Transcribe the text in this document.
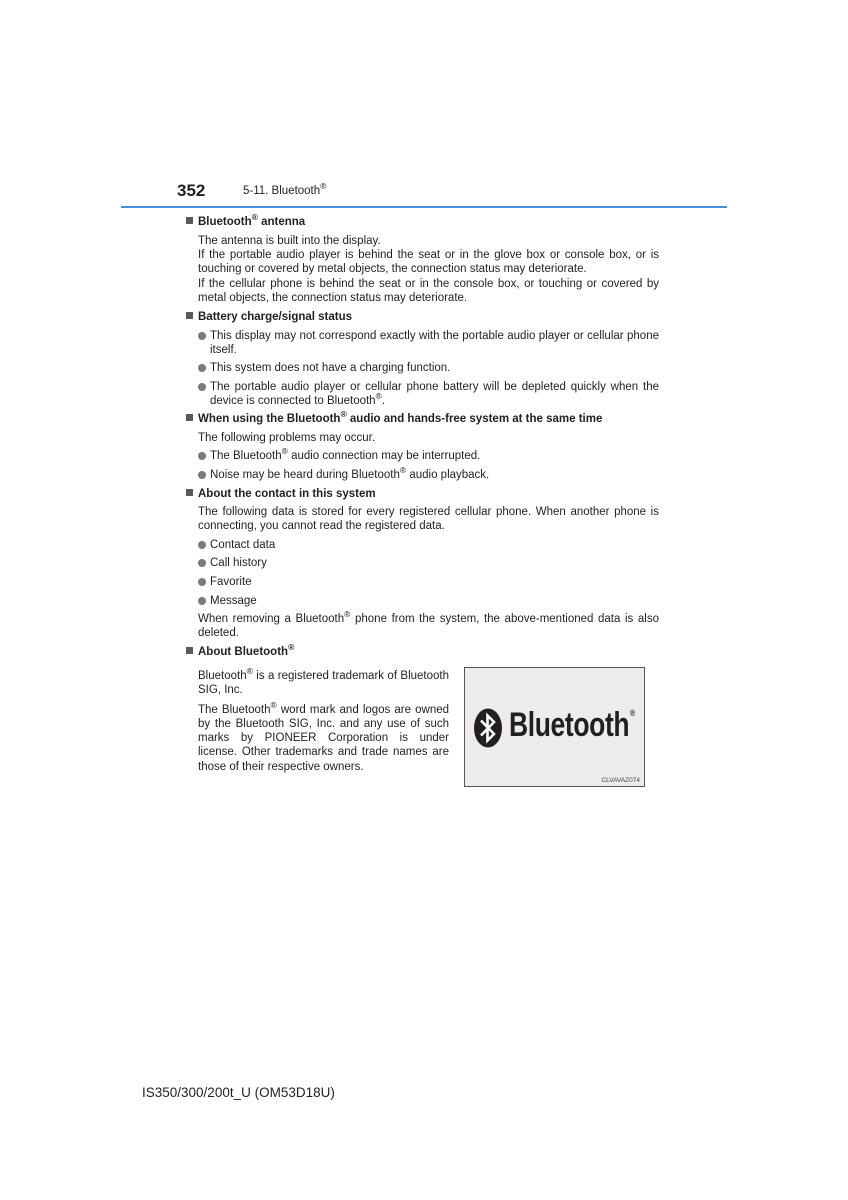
352	5-11. Bluetooth®
Bluetooth® antenna
The antenna is built into the display.
If the portable audio player is behind the seat or in the glove box or console box, or is touching or covered by metal objects, the connection status may deteriorate.
If the cellular phone is behind the seat or in the console box, or touching or covered by metal objects, the connection status may deteriorate.
Battery charge/signal status
This display may not correspond exactly with the portable audio player or cellular phone itself.
This system does not have a charging function.
The portable audio player or cellular phone battery will be depleted quickly when the device is connected to Bluetooth®.
When using the Bluetooth® audio and hands-free system at the same time
The following problems may occur.
The Bluetooth® audio connection may be interrupted.
Noise may be heard during Bluetooth® audio playback.
About the contact in this system
The following data is stored for every registered cellular phone. When another phone is connecting, you cannot read the registered data.
Contact data
Call history
Favorite
Message
When removing a Bluetooth® phone from the system, the above-mentioned data is also deleted.
About Bluetooth®

Bluetooth® is a registered trademark of Bluetooth SIG, Inc.

The Bluetooth® word mark and logos are owned by the Bluetooth SIG, Inc. and any use of such marks by PIONEER Corporation is under license. Other trademarks and trade names are those of their respective owners.

Bluetooth®
CLVAVAZ074
IS350/300/200t_U (OM53D18U)
